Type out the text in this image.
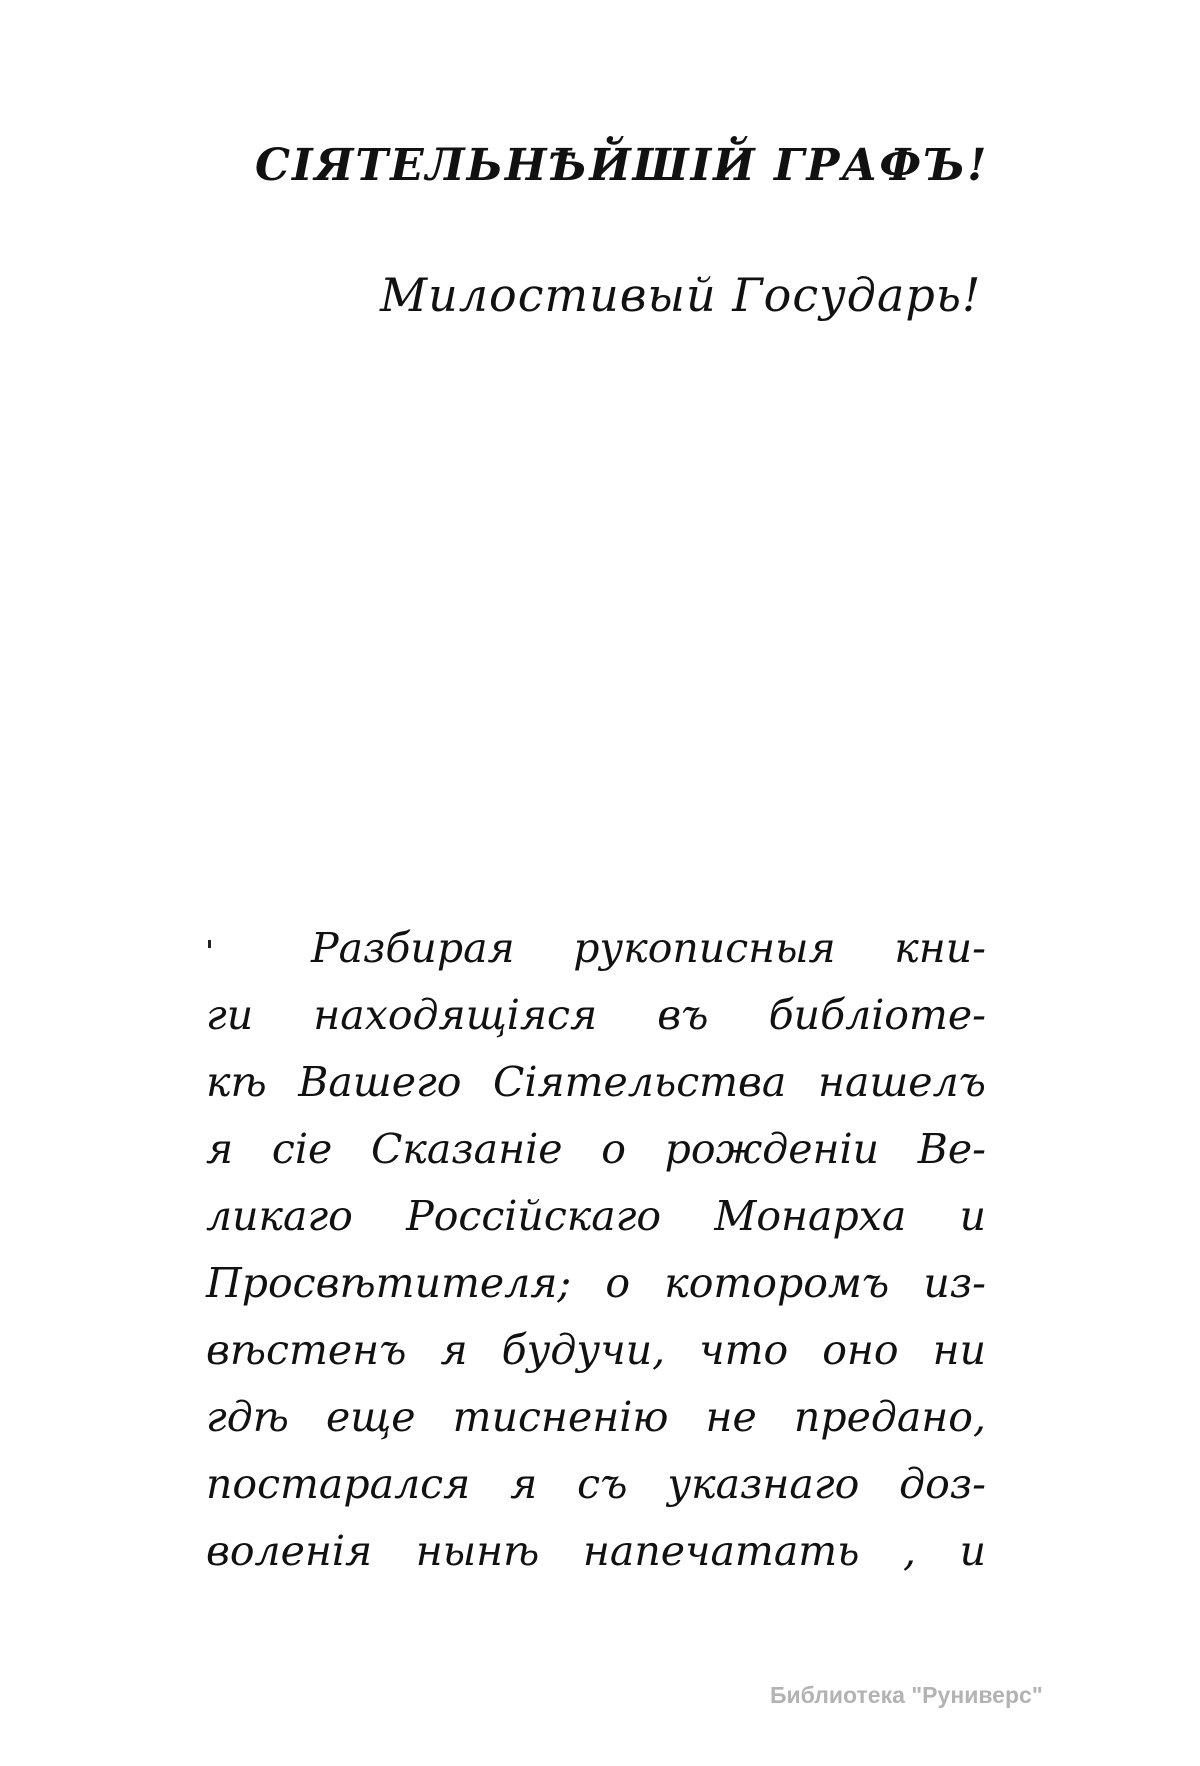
СІЯТЕЛЬНѢЙШІЙ ГРАФЪ!
Милостивый Государь!
Разбирая рукописныя кни-
ги находящіяся въ библіоте-
кѣ Вашего Сіятельства нашелъ
я сіе Сказаніе о рожденіи Ве-
ликаго Россійскаго Монарха и
Просвѣтителя; о которомъ из-
вѣстенъ я будучи, что оно ни
гдѣ еще тисненію не предано,
постарался я съ указнаго доз-
воленія нынѣ напечатать , и
Библиотека "Руниверс"
